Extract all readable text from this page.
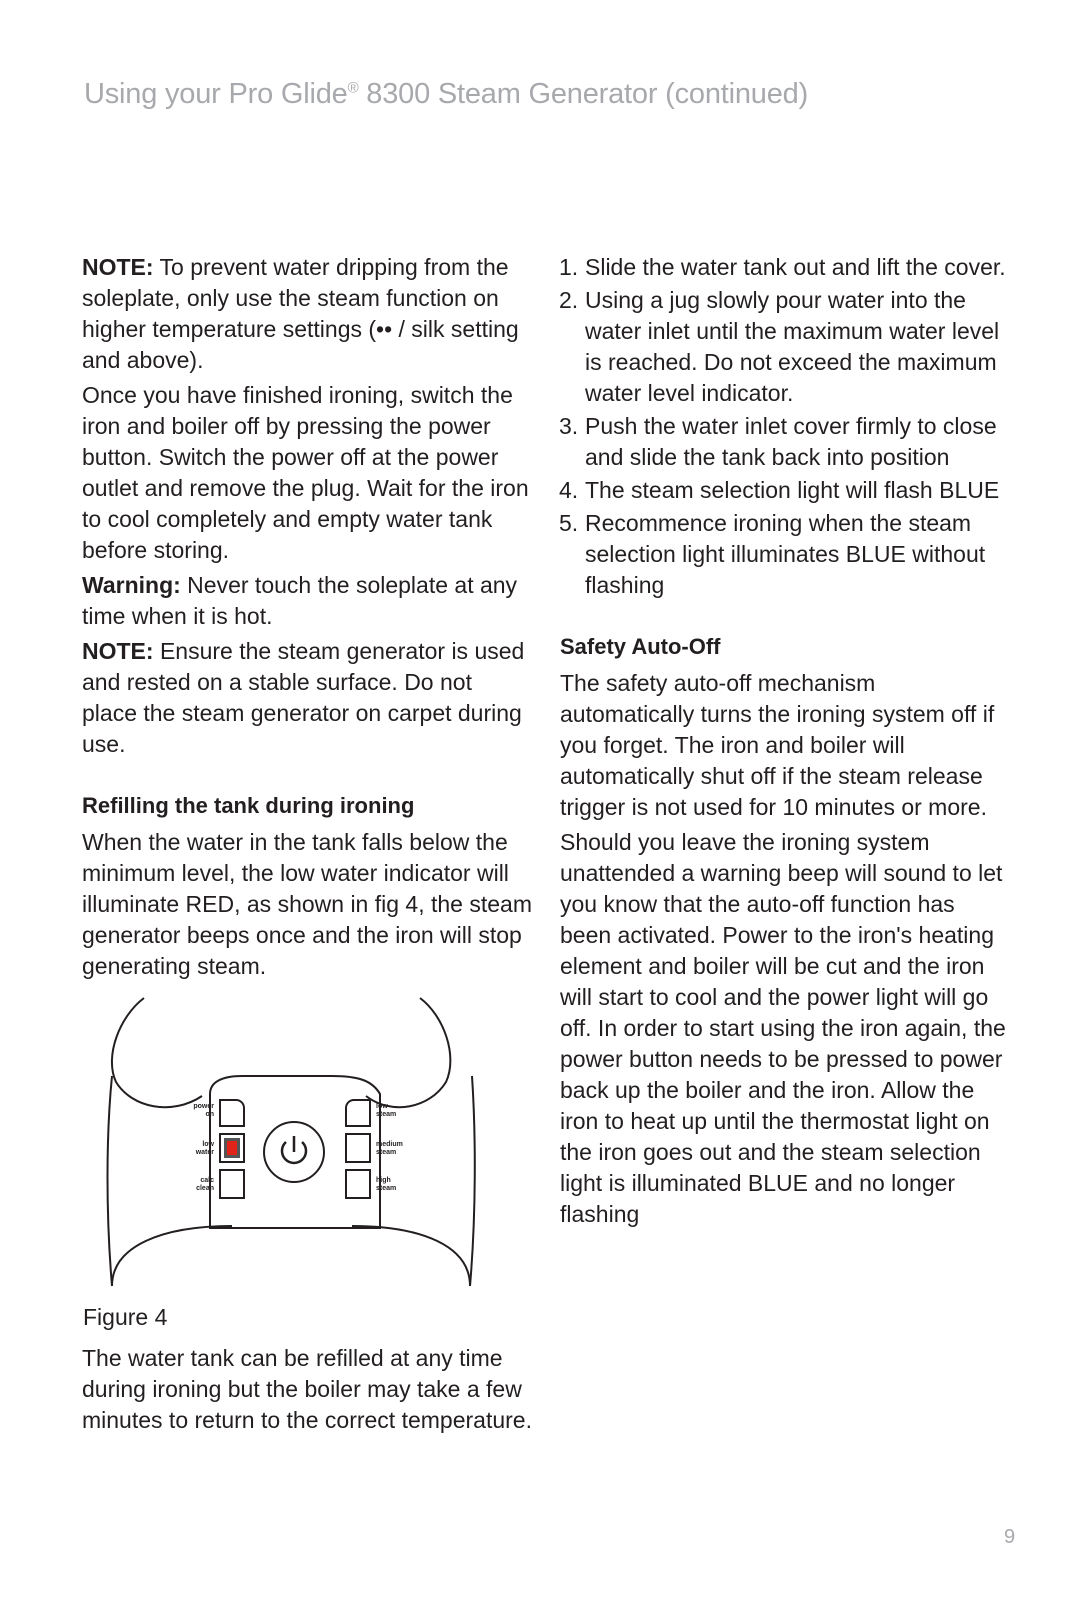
Using your Pro Glide® 8300 Steam Generator (continued)

NOTE: To prevent water dripping from the soleplate, only use the steam function on higher temperature settings (•• / silk setting and above).

Once you have finished ironing, switch the iron and boiler off by pressing the power button. Switch the power off at the power outlet and remove the plug. Wait for the iron to cool completely and empty water tank before storing.

Warning: Never touch the soleplate at any time when it is hot.

NOTE: Ensure the steam generator is used and rested on a stable surface. Do not place the steam generator on carpet during use.

Refilling the tank during ironing

When the water in the tank falls below the minimum level, the low water indicator will illuminate RED, as shown in fig 4, the steam generator beeps once and the iron will stop generating steam.

power
on
low
water
calc
clean
low
steam
medium
steam
high
steam

Figure 4

The water tank can be refilled at any time during ironing but the boiler may take a few minutes to return to the correct temperature.

1. Slide the water tank out and lift the cover.
2. Using a jug slowly pour water into the water inlet until the maximum water level is reached. Do not exceed the maximum water level indicator.
3. Push the water inlet cover firmly to close and slide the tank back into position
4. The steam selection light will flash BLUE
5. Recommence ironing when the steam selection light illuminates BLUE without flashing
Safety Auto-Off

The safety auto-off mechanism automatically turns the ironing system off if you forget. The iron and boiler will automatically shut off if the steam release trigger is not used for 10 minutes or more.

Should you leave the ironing system unattended a warning beep will sound to let you know that the auto-off function has been activated. Power to the iron's heating element and boiler will be cut and the iron will start to cool and the power light will go off. In order to start using the iron again, the power button needs to be pressed to power back up the boiler and the iron. Allow the iron to heat up until the thermostat light on the iron goes out and the steam selection light is illuminated BLUE and no longer flashing

9
